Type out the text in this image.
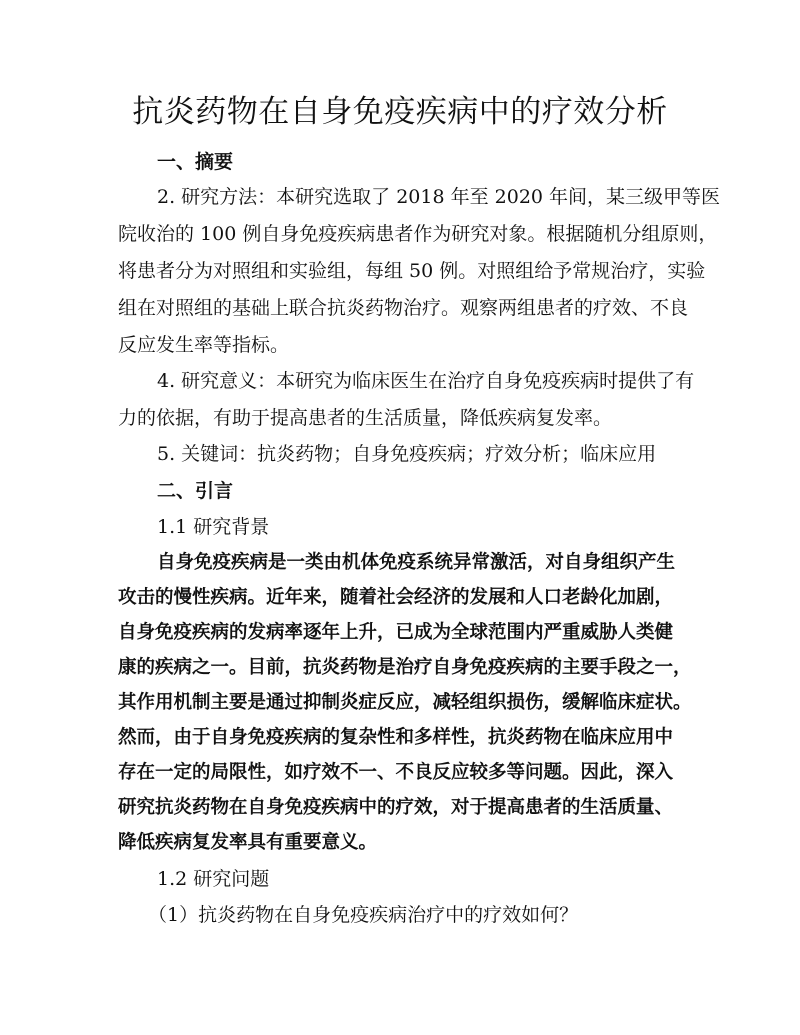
抗炎药物在自身免疫疾病中的疗效分析

一、摘要

2. 研究方法：本研究选取了 2018 年至 2020 年间，某三级甲等医

院收治的 100 例自身免疫疾病患者作为研究对象。根据随机分组原则，

将患者分为对照组和实验组，每组 50 例。对照组给予常规治疗，实验

组在对照组的基础上联合抗炎药物治疗。观察两组患者的疗效、不良

反应发生率等指标。

4. 研究意义：本研究为临床医生在治疗自身免疫疾病时提供了有

力的依据，有助于提高患者的生活质量，降低疾病复发率。

5. 关键词：抗炎药物；自身免疫疾病；疗效分析；临床应用

二、引言

1.1 研究背景

自身免疫疾病是一类由机体免疫系统异常激活，对自身组织产生

攻击的慢性疾病。近年来，随着社会经济的发展和人口老龄化加剧，

自身免疫疾病的发病率逐年上升，已成为全球范围内严重威胁人类健

康的疾病之一。目前，抗炎药物是治疗自身免疫疾病的主要手段之一，

其作用机制主要是通过抑制炎症反应，减轻组织损伤，缓解临床症状。

然而，由于自身免疫疾病的复杂性和多样性，抗炎药物在临床应用中

存在一定的局限性，如疗效不一、不良反应较多等问题。因此，深入

研究抗炎药物在自身免疫疾病中的疗效，对于提高患者的生活质量、

降低疾病复发率具有重要意义。

1.2 研究问题

（1）抗炎药物在自身免疫疾病治疗中的疗效如何？
